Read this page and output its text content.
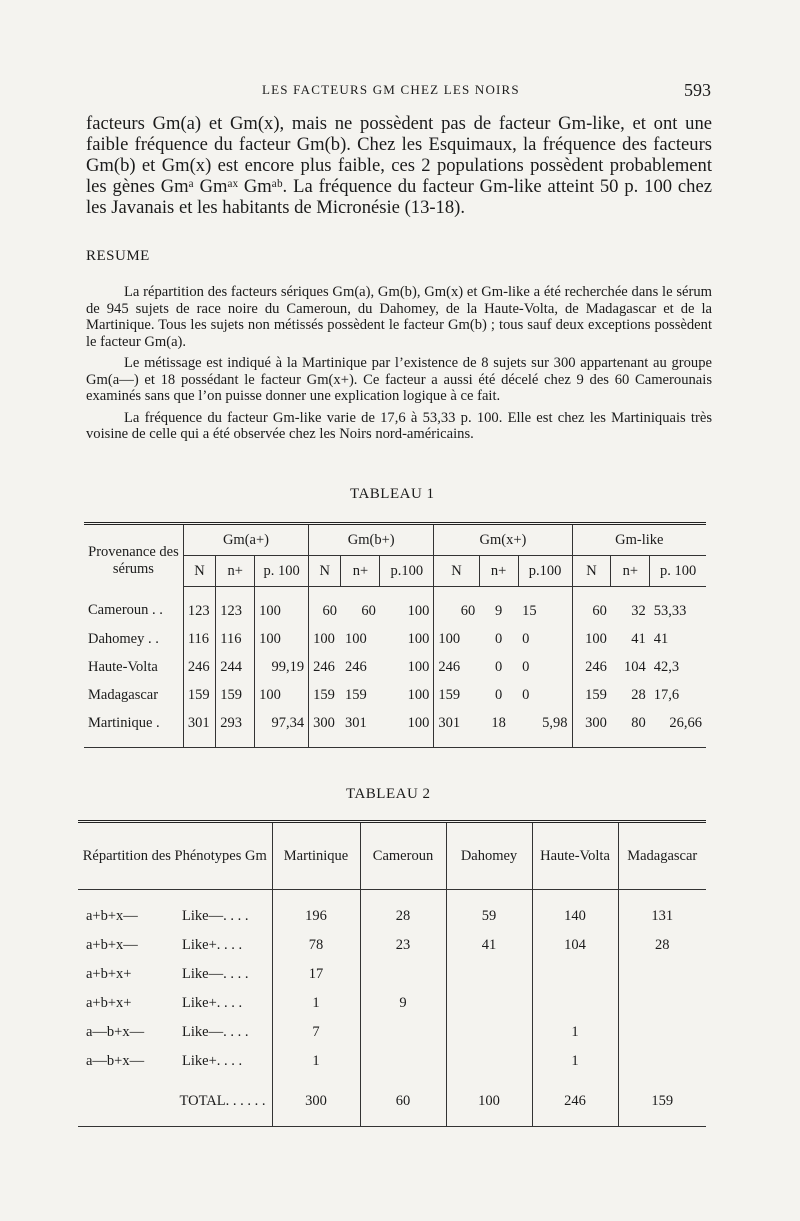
LES FACTEURS GM CHEZ LES NOIRS	593

facteurs Gm(a) et Gm(x), mais ne possèdent pas de facteur Gm-like, et ont une faible fréquence du facteur Gm(b). Chez les Esquimaux, la fréquence des facteurs Gm(b) et Gm(x) est encore plus faible, ces 2 populations possèdent probablement les gènes Gmᵃ Gmᵃˣ Gmᵃᵇ. La fréquence du facteur Gm-like atteint 50 p. 100 chez les Javanais et les habitants de Micronésie (13-18).

RESUME

La répartition des facteurs sériques Gm(a), Gm(b), Gm(x) et Gm-like a été recherchée dans le sérum de 945 sujets de race noire du Cameroun, du Dahomey, de la Haute-Volta, de Madagascar et de la Martinique. Tous les sujets non métissés possèdent le facteur Gm(b) ; tous sauf deux exceptions possèdent le facteur Gm(a).

Le métissage est indiqué à la Martinique par l’existence de 8 sujets sur 300 appartenant au groupe Gm(a—) et 18 possédant le facteur Gm(x+). Ce facteur a aussi été décelé chez 9 des 60 Camerounais examinés sans que l’on puisse donner une explication logique à ce fait.

La fréquence du facteur Gm-like varie de 17,6 à 53,33 p. 100. Elle est chez les Martiniquais très voisine de celle qui a été observée chez les Noirs nord-américains.

TABLEAU 1
Provenance des sérums	Gm(a+)			Gm(b+)			Gm(x+)			Gm-like		
	N	n+	p. 100	N	n+	p.100	N	n+	p.100	N	n+	p. 100
Cameroun . .	123	123	100	60	60	100	60	9	15	60	32	53,33
Dahomey . .	116	116	100	100	100	100	100	0	0	100	41	41
Haute-Volta	246	244	99,19	246	246	100	246	0	0	246	104	42,3
Madagascar	159	159	100	159	159	100	159	0	0	159	28	17,6
Martinique .	301	293	97,34	300	301	100	301	18	5,98	300	80	26,66
TABLEAU 2
Répartition des Phénotypes Gm		Martinique	Cameroun	Dahomey	Haute-Volta	Madagascar
a+b+x—	Like—. . . .	196	28	59	140	131
a+b+x—	Like+. . . .	78	23	41	104	28
a+b+x+	Like—. . . .	17				
a+b+x+	Like+. . . .	1	9			
a—b+x—	Like—. . . .	7			1	
a—b+x—	Like+. . . .	1			1	
TOTAL. . . . . .		300	60	100	246	159
